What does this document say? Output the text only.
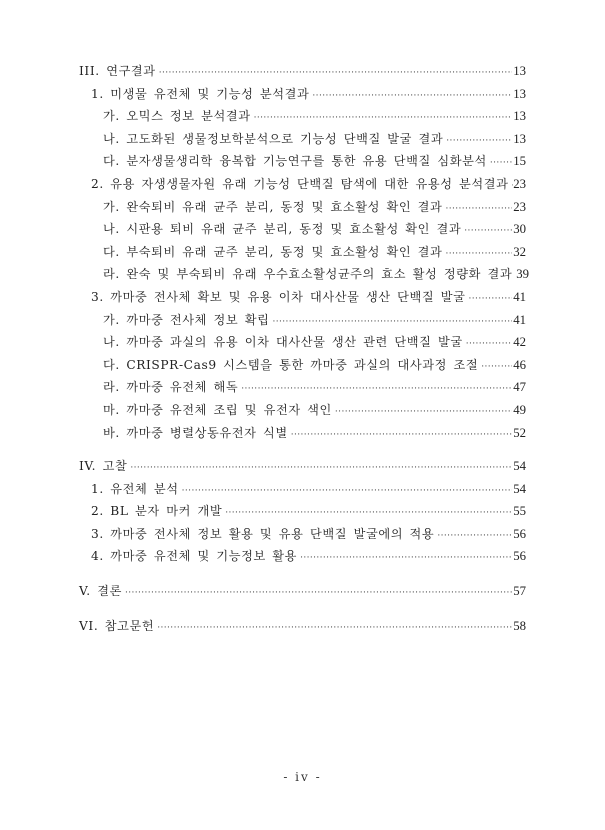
III. 연구결과 ·····	13
1. 미생물 유전체 및 기능성 분석결과 ·····	13
가. 오믹스 정보 분석결과 ·····	13
나. 고도화된 생물정보학분석으로 기능성 단백질 발굴 결과 ·····	13
다. 분자생물생리학 융복합 기능연구를 통한 유용 단백질 심화분석 ····· 15
2. 유용 자생생물자원 유래 기능성 단백질 탐색에 대한 유용성 분석결과 ····· 23
가. 완숙퇴비 유래 균주 분리, 동정 및 효소활성 확인 결과 ·····	23
나. 시판용 퇴비 유래 균주 분리, 동정 및 효소활성 확인 결과 ·····	30
다. 부숙퇴비 유래 균주 분리, 동정 및 효소활성 확인 결과 ·····	32
라. 완숙 및 부숙퇴비 유래 우수효소활성균주의 효소 활성 정량화 결과 39
3. 까마중 전사체 확보 및 유용 이차 대사산물 생산 단백질 발굴 ·····	41
가. 까마중 전사체 정보 확립 ·····	41
나. 까마중 과실의 유용 이차 대사산물 생산 관련 단백질 발굴 ·····	42
다. CRISPR-Cas9 시스템을 통한 까마중 과실의 대사과정 조절 ·····	46
라. 까마중 유전체 해독 ·····	47
마. 까마중 유전체 조립 및 유전자 색인 ·····	49
바. 까마중 병렬상동유전자 식별 ·····	52
IV. 고찰 ·····	54
1. 유전체 분석 ·····	54
2. BL 분자 마커 개발 ·····	55
3. 까마중 전사체 정보 활용 및 유용 단백질 발굴에의 적용 ·····	56
4. 까마중 유전체 및 기능정보 활용 ·····	56
V. 결론 ·····	57
VI. 참고문헌 ·····	58
- iv -
